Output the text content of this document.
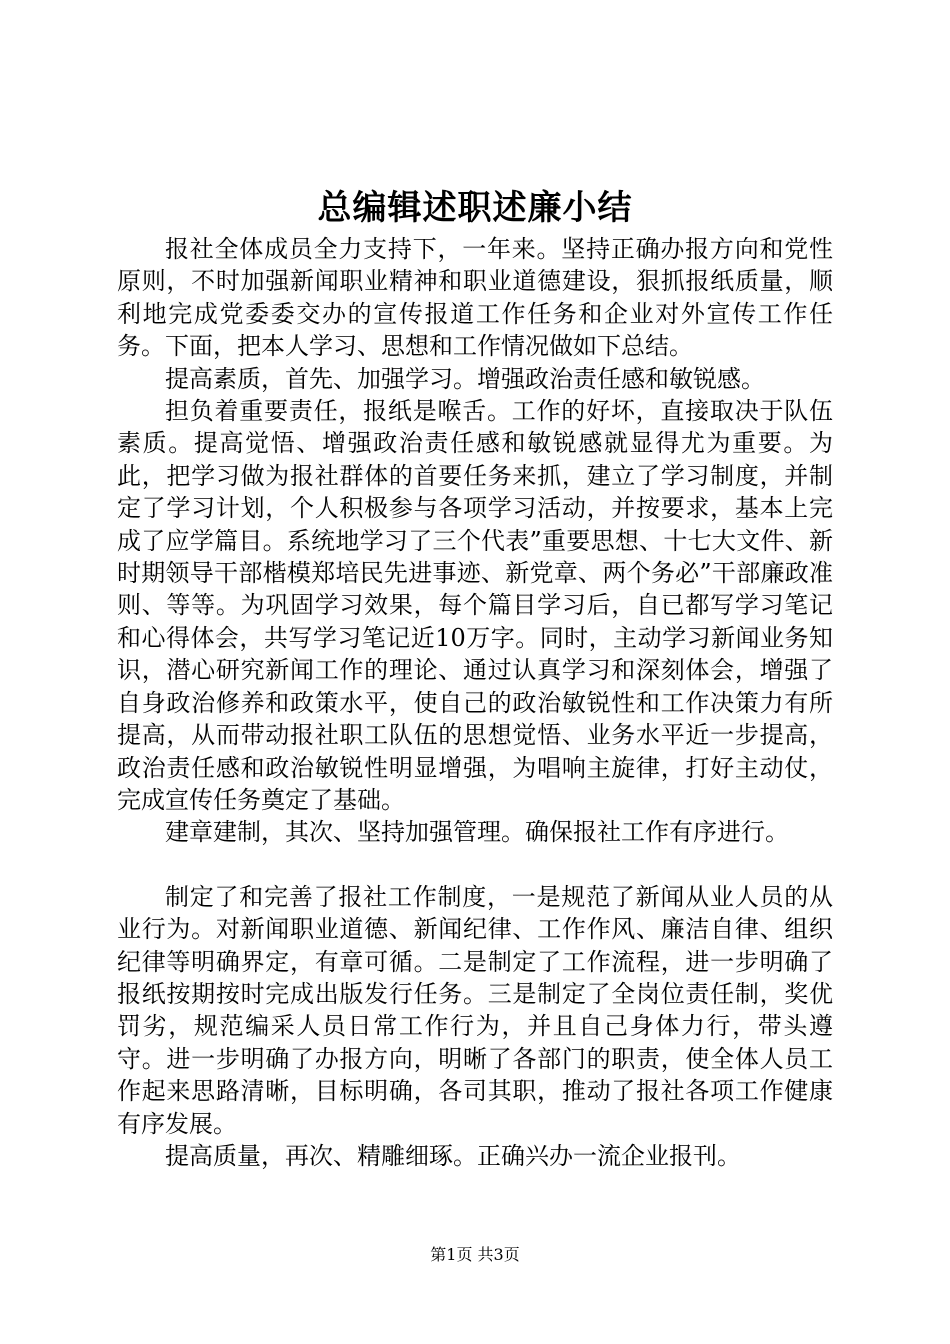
总编辑述职述廉小结

报社全体成员全力支持下，一年来。坚持正确办报方向和党性原则，不时加强新闻职业精神和职业道德建设，狠抓报纸质量，顺利地完成党委委交办的宣传报道工作任务和企业对外宣传工作任务。下面，把本人学习、思想和工作情况做如下总结。

提高素质，首先、加强学习。增强政治责任感和敏锐感。

担负着重要责任，报纸是喉舌。工作的好坏，直接取决于队伍素质。提高觉悟、增强政治责任感和敏锐感就显得尤为重要。为此，把学习做为报社群体的首要任务来抓，建立了学习制度，并制定了学习计划，个人积极参与各项学习活动，并按要求，基本上完成了应学篇目。系统地学习了三个代表”重要思想、十七大文件、新时期领导干部楷模郑培民先进事迹、新党章、两个务必”干部廉政准则、等等。为巩固学习效果，每个篇目学习后，自已都写学习笔记和心得体会，共写学习笔记近10万字。同时，主动学习新闻业务知识，潜心研究新闻工作的理论、通过认真学习和深刻体会，增强了自身政治修养和政策水平，使自己的政治敏锐性和工作决策力有所提高，从而带动报社职工队伍的思想觉悟、业务水平近一步提高，政治责任感和政治敏锐性明显增强，为唱响主旋律，打好主动仗，完成宣传任务奠定了基础。

建章建制，其次、坚持加强管理。确保报社工作有序进行。

制定了和完善了报社工作制度，一是规范了新闻从业人员的从业行为。对新闻职业道德、新闻纪律、工作作风、廉洁自律、组织纪律等明确界定，有章可循。二是制定了工作流程，进一步明确了报纸按期按时完成出版发行任务。三是制定了全岗位责任制，奖优罚劣，规范编采人员日常工作行为，并且自己身体力行，带头遵守。进一步明确了办报方向，明晰了各部门的职责，使全体人员工作起来思路清晰，目标明确，各司其职，推动了报社各项工作健康有序发展。

提高质量，再次、精雕细琢。正确兴办一流企业报刊。

第1页 共3页
